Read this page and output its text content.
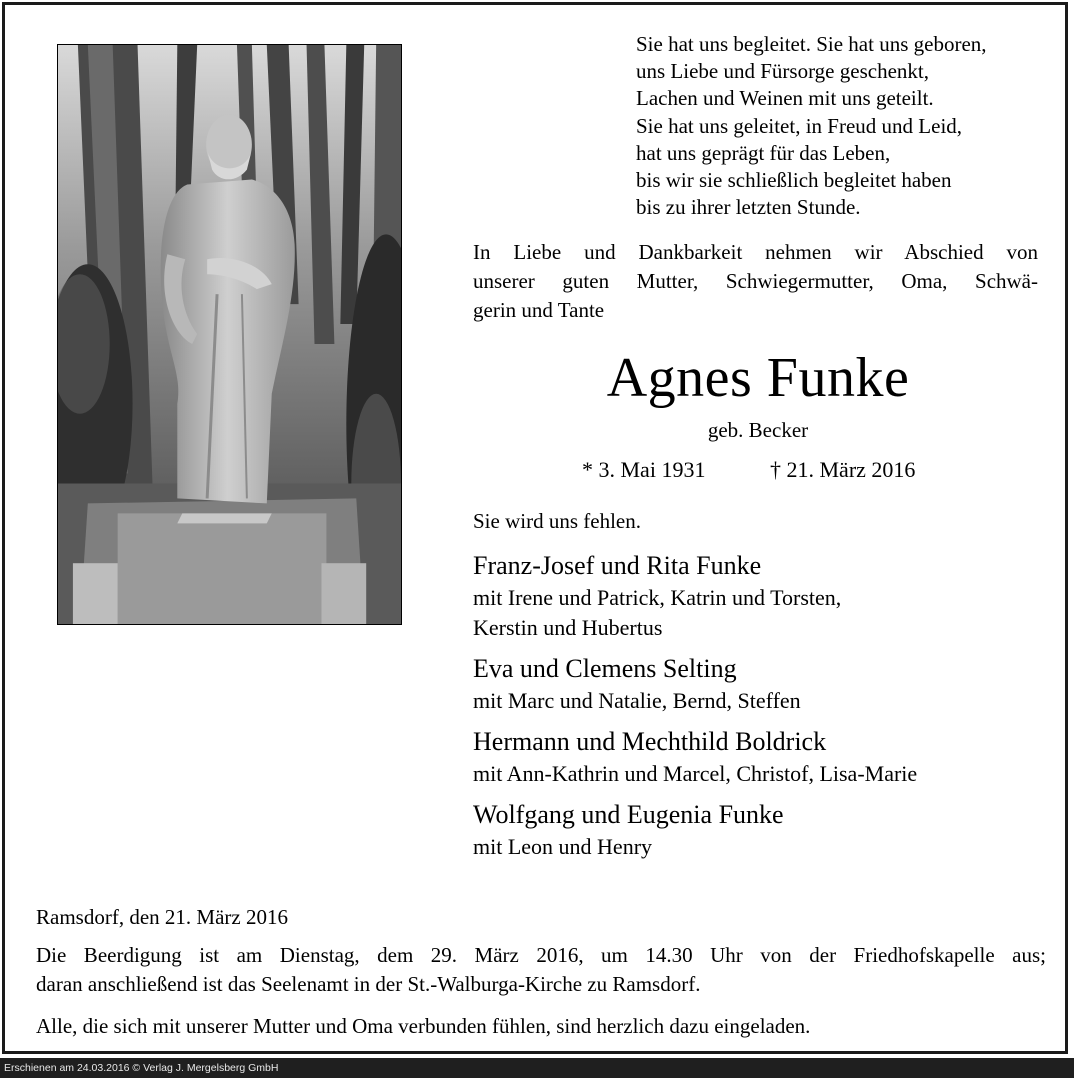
Sie hat uns begleitet. Sie hat uns geboren,
uns Liebe und Fürsorge geschenkt,
Lachen und Weinen mit uns geteilt.
Sie hat uns geleitet, in Freud und Leid,
hat uns geprägt für das Leben,
bis wir sie schließlich begleitet haben
bis zu ihrer letzten Stunde.
In Liebe und Dankbarkeit nehmen wir Abschied von
unserer guten Mutter, Schwiegermutter, Oma, Schwä-
gerin und Tante
Agnes Funke
geb. Becker
* 3. Mai 1931	† 21. März 2016
Sie wird uns fehlen.
Franz-Josef und Rita Funke
mit Irene und Patrick, Katrin und Torsten,
Kerstin und Hubertus
Eva und Clemens Selting
mit Marc und Natalie, Bernd, Steffen
Hermann und Mechthild Boldrick
mit Ann-Kathrin und Marcel, Christof, Lisa-Marie
Wolfgang und Eugenia Funke
mit Leon und Henry
Ramsdorf, den 21. März 2016
Die Beerdigung ist am Dienstag, dem 29. März 2016, um 14.30 Uhr von der Friedhofskapelle aus;
daran anschließend ist das Seelenamt in der St.-Walburga-Kirche zu Ramsdorf.
Alle, die sich mit unserer Mutter und Oma verbunden fühlen, sind herzlich dazu eingeladen.
Erschienen am 24.03.2016 © Verlag J. Mergelsberg GmbH
